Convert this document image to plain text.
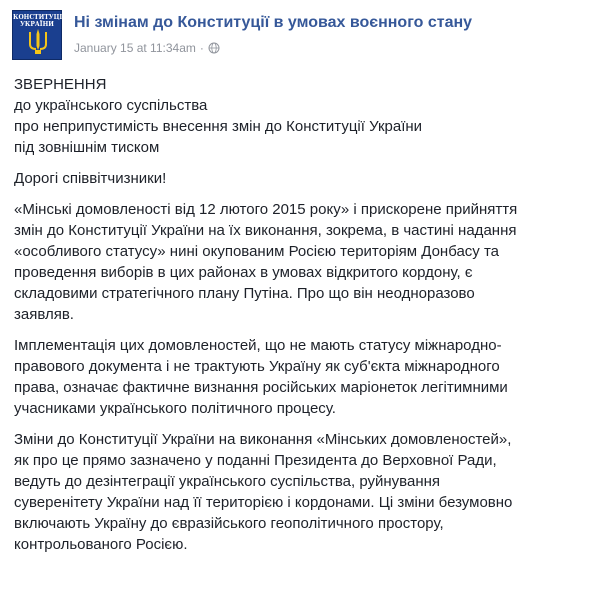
КОНСТИТУЦІЯ УКРАЇНИ	Ні змінам до Конституції в умовах воєнного стану
January 15 at 11:34am ·

ЗВЕРНЕННЯ
до українського суспільства
про неприпустимість внесення змін до Конституції України
під зовнішнім тиском

Дорогі співвітчизники!

«Мінські домовленості від 12 лютого 2015 року» і прискорене прийняття
змін до Конституції України на їх виконання, зокрема, в частині надання
«особливого статусу» нині окупованим Росією територіям Донбасу та
проведення виборів в цих районах в умовах відкритого кордону, є
складовими стратегічного плану Путіна. Про що він неодноразово
заявляв.

Імплементація цих домовленостей, що не мають статусу міжнародно-
правового документа і не трактують Україну як суб'єкта міжнародного
права, означає фактичне визнання російських маріонеток легітимними
учасниками українського політичного процесу.

Зміни до Конституції України на виконання «Мінських домовленостей»,
як про це прямо зазначено у поданні Президента до Верховної Ради,
ведуть до дезінтеграції українського суспільства, руйнування
суверенітету України над її територією і кордонами. Ці зміни безумовно
включають Україну до євразійського геополітичного простору,
контрольованого Росією.
